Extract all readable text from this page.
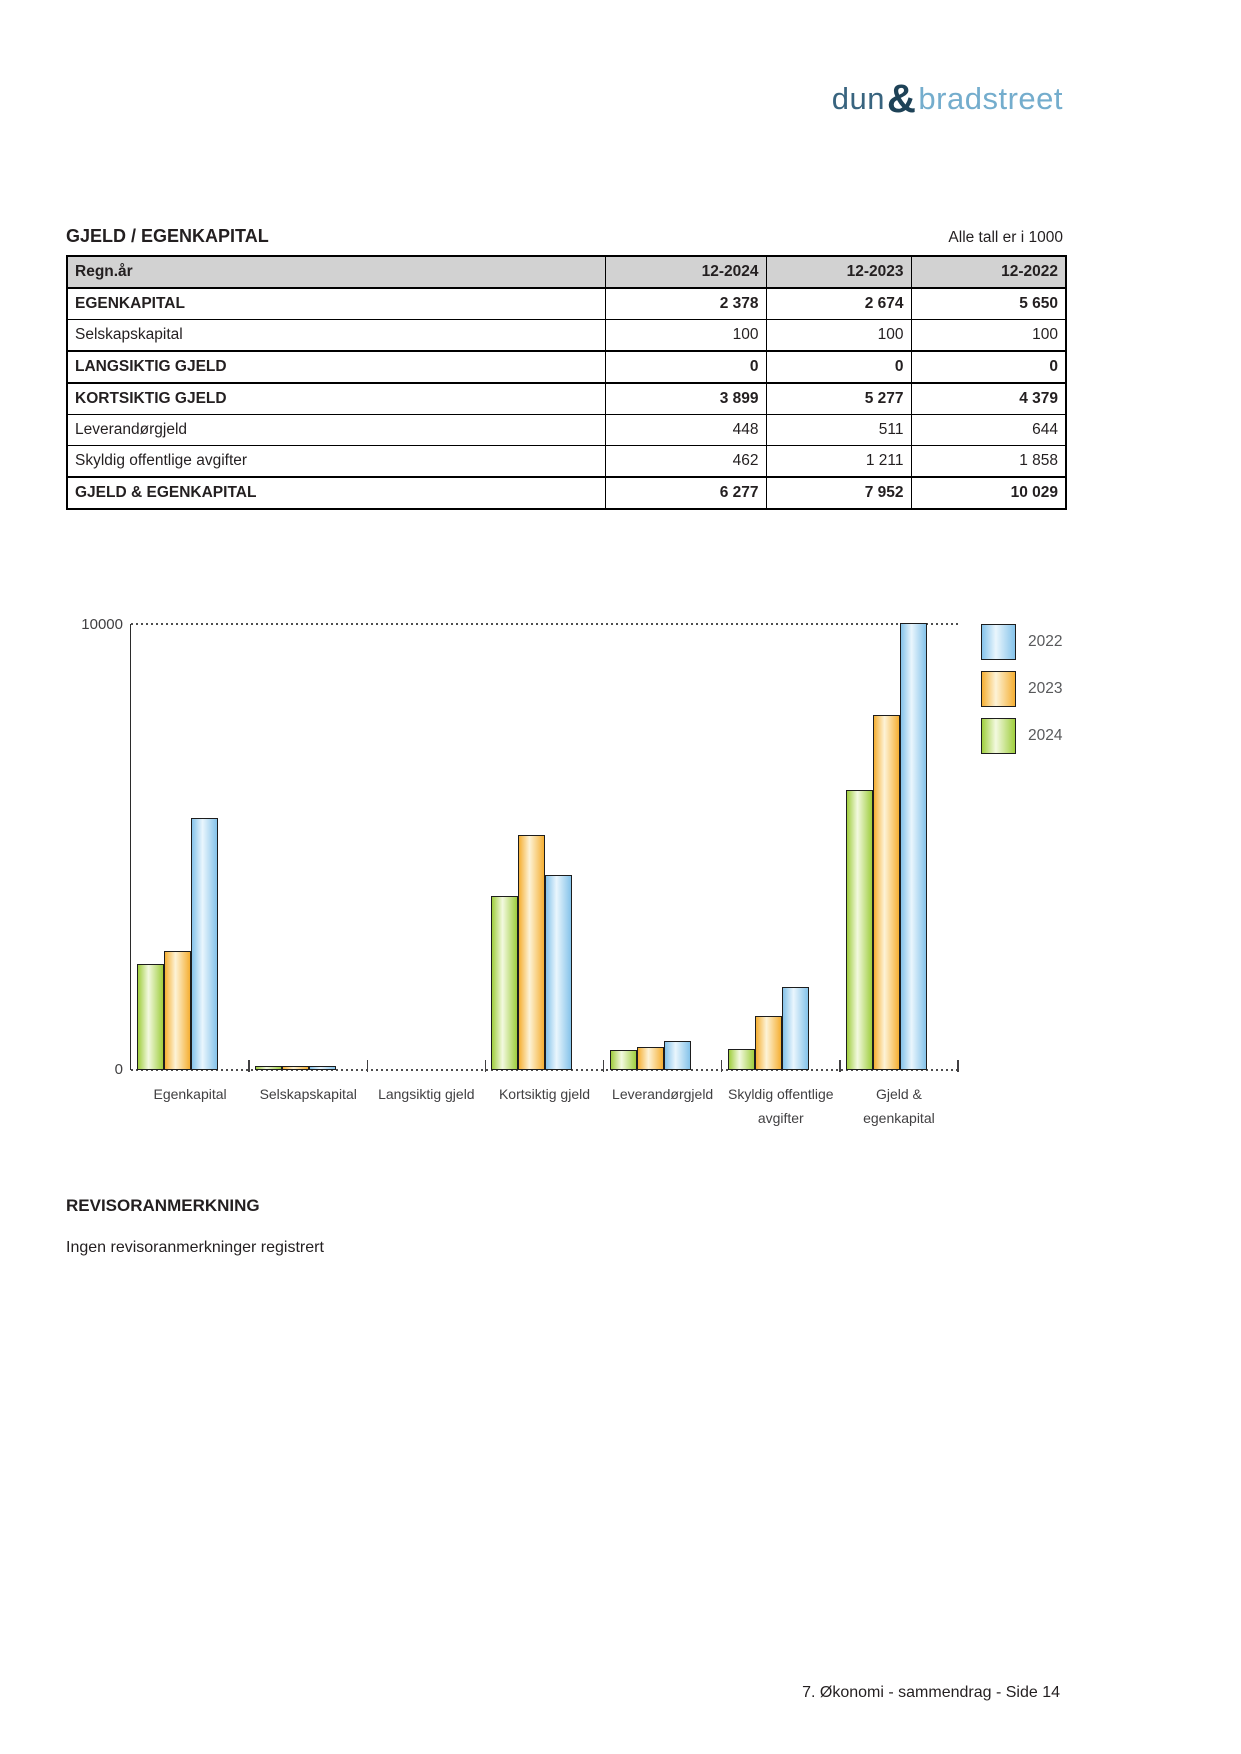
dun & bradstreet
GJELD / EGENKAPITAL	Alle tall er i 1000
Regn.år	12-2024	12-2023	12-2022
EGENKAPITAL	2 378	2 674	5 650
Selskapskapital	100	100	100
LANGSIKTIG GJELD	0	0	0
KORTSIKTIG GJELD	3 899	5 277	4 379
Leverandørgjeld	448	511	644
Skyldig offentlige avgifter	462	1 211	1 858
GJELD & EGENKAPITAL	6 277	7 952	10 029
10000
0
Egenkapital	Selskapskapital	Langsiktig gjeld	Kortsiktig gjeld	Leverandørgjeld	Skyldig offentlige
avgifter
Gjeld &
egenkapital
2022
2023
2024
REVISORANMERKNING
Ingen revisoranmerkninger registrert
7. Økonomi - sammendrag - Side 14
